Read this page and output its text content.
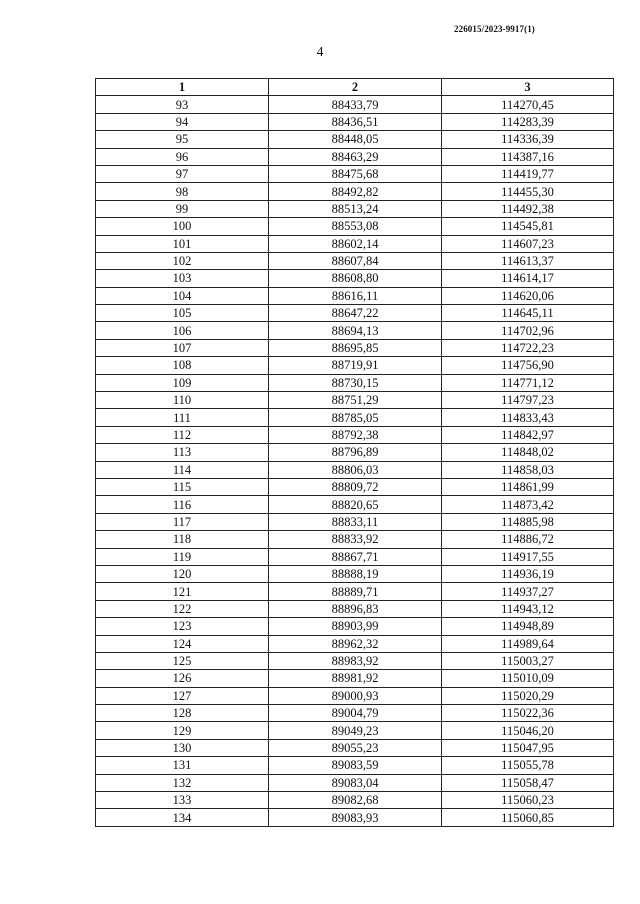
226015/2023-9917(1)
4
1	2	3
93	88433,79	114270,45
94	88436,51	114283,39
95	88448,05	114336,39
96	88463,29	114387,16
97	88475,68	114419,77
98	88492,82	114455,30
99	88513,24	114492,38
100	88553,08	114545,81
101	88602,14	114607,23
102	88607,84	114613,37
103	88608,80	114614,17
104	88616,11	114620,06
105	88647,22	114645,11
106	88694,13	114702,96
107	88695,85	114722,23
108	88719,91	114756,90
109	88730,15	114771,12
110	88751,29	114797,23
111	88785,05	114833,43
112	88792,38	114842,97
113	88796,89	114848,02
114	88806,03	114858,03
115	88809,72	114861,99
116	88820,65	114873,42
117	88833,11	114885,98
118	88833,92	114886,72
119	88867,71	114917,55
120	88888,19	114936,19
121	88889,71	114937,27
122	88896,83	114943,12
123	88903,99	114948,89
124	88962,32	114989,64
125	88983,92	115003,27
126	88981,92	115010,09
127	89000,93	115020,29
128	89004,79	115022,36
129	89049,23	115046,20
130	89055,23	115047,95
131	89083,59	115055,78
132	89083,04	115058,47
133	89082,68	115060,23
134	89083,93	115060,85
